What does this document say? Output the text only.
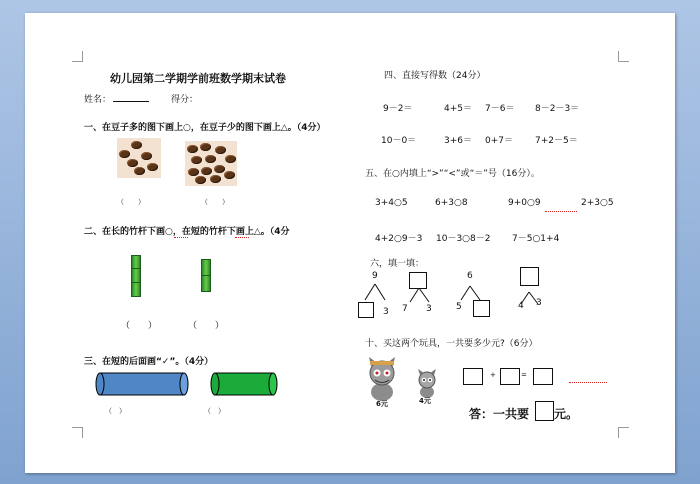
幼儿园第二学期学前班数学期末试卷
姓名：	得分：
一、在豆子多的图下画上○，在豆子少的图下画上△。（4分）
（　　）	（　　）
二、在长的竹杆下画○，在短的竹杆下画上△。（4分
（　　）	（　　）
三、在短的后面画“✓”。（4分）
（　）	（　）
四、直接写得数（24分）
9－2＝	4+5＝ 7－6＝ 8－2－3＝
10－0＝	3+6＝ 0+7＝ 7+2－5＝
五、在○内填上“>”“<”或“＝”号（16分）。
3+4○5	6+3○8	9+0○9	2+3○5
4+2○9－3 10－3○8－2 7－5○1+4
六，填一填：
9
3 7 3
6
5	4 3
十、买这两个玩具，一共要多少元?（6分）
6元	4元
+	=
答：一共要 元。
